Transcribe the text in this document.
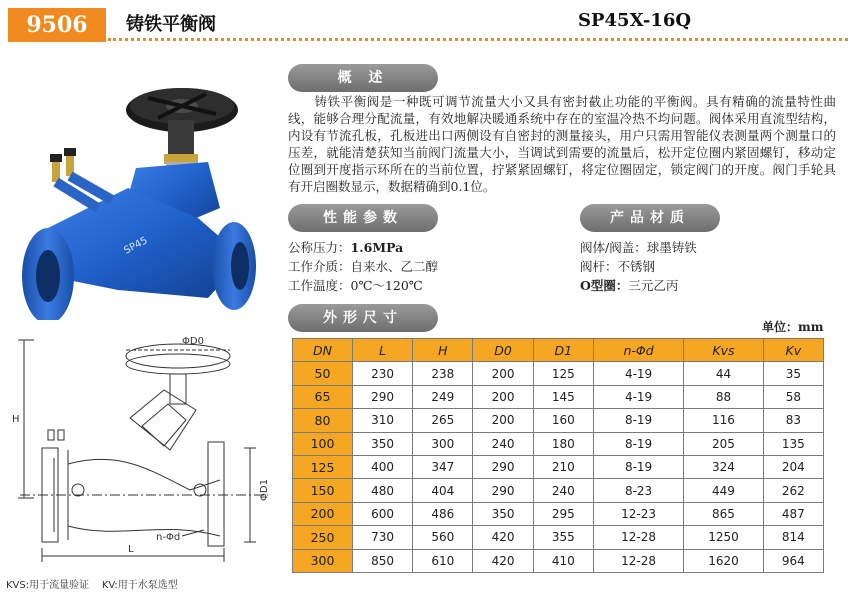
9506	铸铁平衡阀	SP45X-16Q
SP45
概 述
铸铁平衡阀是一种既可调节流量大小又具有密封截止功能的平衡阀。具有精确的流量特性曲线，能够合理分配流量，有效地解决暖通系统中存在的室温冷热不均问题。阀体采用直流型结构，内设有节流孔板，孔板进出口两侧设有自密封的测量接头，用户只需用智能仪表测量两个测量口的压差，就能清楚获知当前阀门流量大小，当调试到需要的流量后，松开定位圈内紧固螺钉，移动定位圈到开度指示环所在的当前位置，拧紧紧固螺钉，将定位圈固定，锁定阀门的开度。阀门手轮具有开启圈数显示，数据精确到0.1位。
性能参数
公称压力：1.6MPa
工作介质：自来水、乙二醇
工作温度：0℃～120℃
产品材质
阀体/阀盖：球墨铸铁
阀杆：不锈钢
O型圈：三元乙丙
外形尺寸
单位：mm
DN	L	H	D0	D1	n-Φd	Kvs	Kv
50	230	238	200	125	4-19	44	35
65	290	249	200	145	4-19	88	58
80	310	265	200	160	8-19	116	83
100	350	300	240	180	8-19	205	135
125	400	347	290	210	8-19	324	204
150	480	404	290	240	8-23	449	262
200	600	486	350	295	12-23	865	487
250	730	560	420	355	12-28	1250	814
300	850	610	420	410	12-28	1620	964
ΦD0
H
ΦD1
n-Φd
L
KVS:用于流量验证    KV:用于水泵选型
